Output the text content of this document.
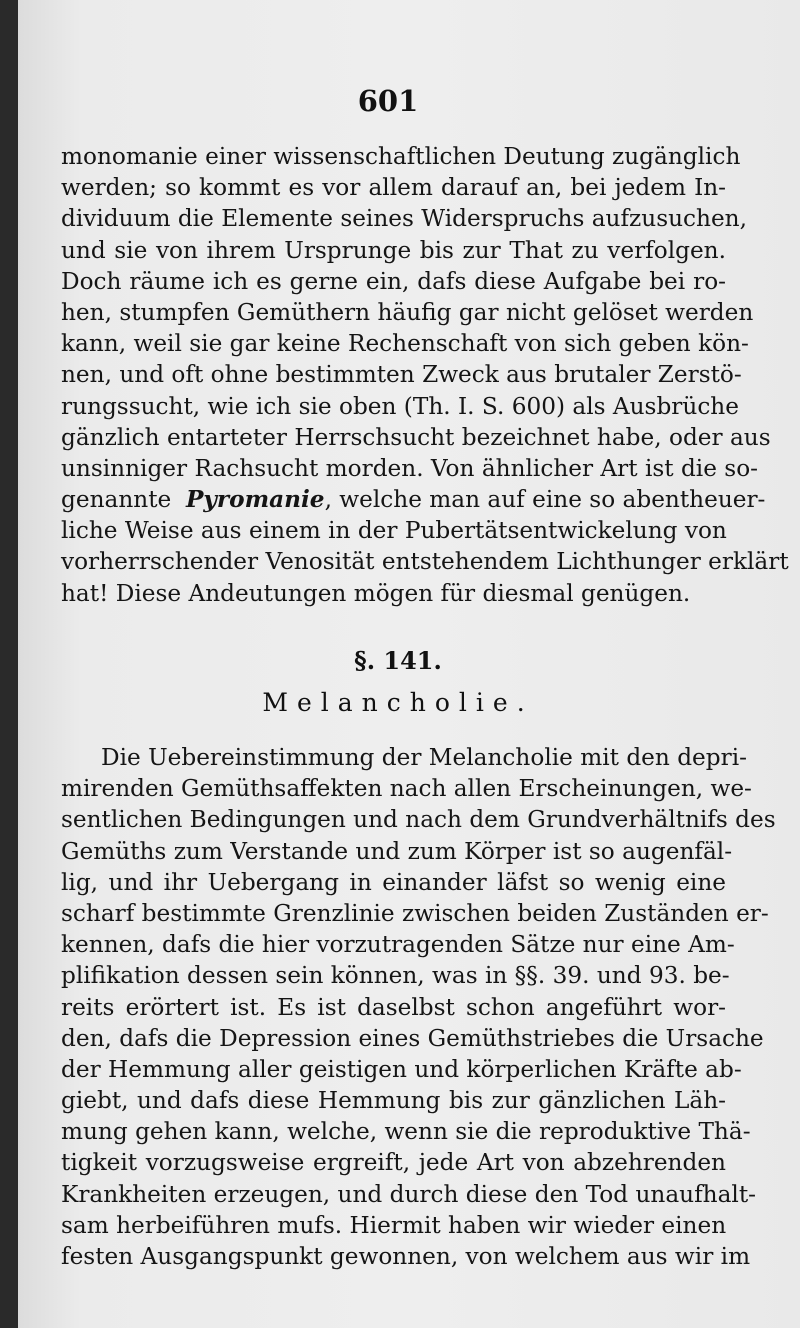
601
monomanie einer wissenschaftlichen Deutung zugänglich
werden; so kommt es vor allem darauf an, bei jedem In-
dividuum die Elemente seines Widerspruchs aufzusuchen,
und sie von ihrem Ursprunge bis zur That zu verfolgen.
Doch räume ich es gerne ein, dafs diese Aufgabe bei ro-
hen, stumpfen Gemüthern häufig gar nicht gelöset werden
kann, weil sie gar keine Rechenschaft von sich geben kön-
nen, und oft ohne bestimmten Zweck aus brutaler Zerstö-
rungssucht, wie ich sie oben (Th. I. S. 600) als Ausbrüche
gänzlich entarteter Herrschsucht bezeichnet habe, oder aus
unsinniger Rachsucht morden. Von ähnlicher Art ist die so-
genannte  Pyromanie, welche man auf eine so abentheuer-
liche Weise aus einem in der Pubertätsentwickelung von
vorherrschender Venosität entstehendem Lichthunger erklärt
hat! Diese Andeutungen mögen für diesmal genügen.
§. 141.
Melancholie.
Die Uebereinstimmung der Melancholie mit den depri-
mirenden Gemüthsaffekten nach allen Erscheinungen, we-
sentlichen Bedingungen und nach dem Grundverhältnifs des
Gemüths zum Verstande und zum Körper ist so augenfäl-
lig, und ihr Uebergang in einander läfst so wenig eine
scharf bestimmte Grenzlinie zwischen beiden Zuständen er-
kennen, dafs die hier vorzutragenden Sätze nur eine Am-
plifikation dessen sein können, was in §§. 39. und 93. be-
reits erörtert ist. Es ist daselbst schon angeführt wor-
den, dafs die Depression eines Gemüthstriebes die Ursache
der Hemmung aller geistigen und körperlichen Kräfte ab-
giebt, und dafs diese Hemmung bis zur gänzlichen Läh-
mung gehen kann, welche, wenn sie die reproduktive Thä-
tigkeit vorzugsweise ergreift, jede Art von abzehrenden
Krankheiten erzeugen, und durch diese den Tod unaufhalt-
sam herbeiführen mufs. Hiermit haben wir wieder einen
festen Ausgangspunkt gewonnen, von welchem aus wir im
